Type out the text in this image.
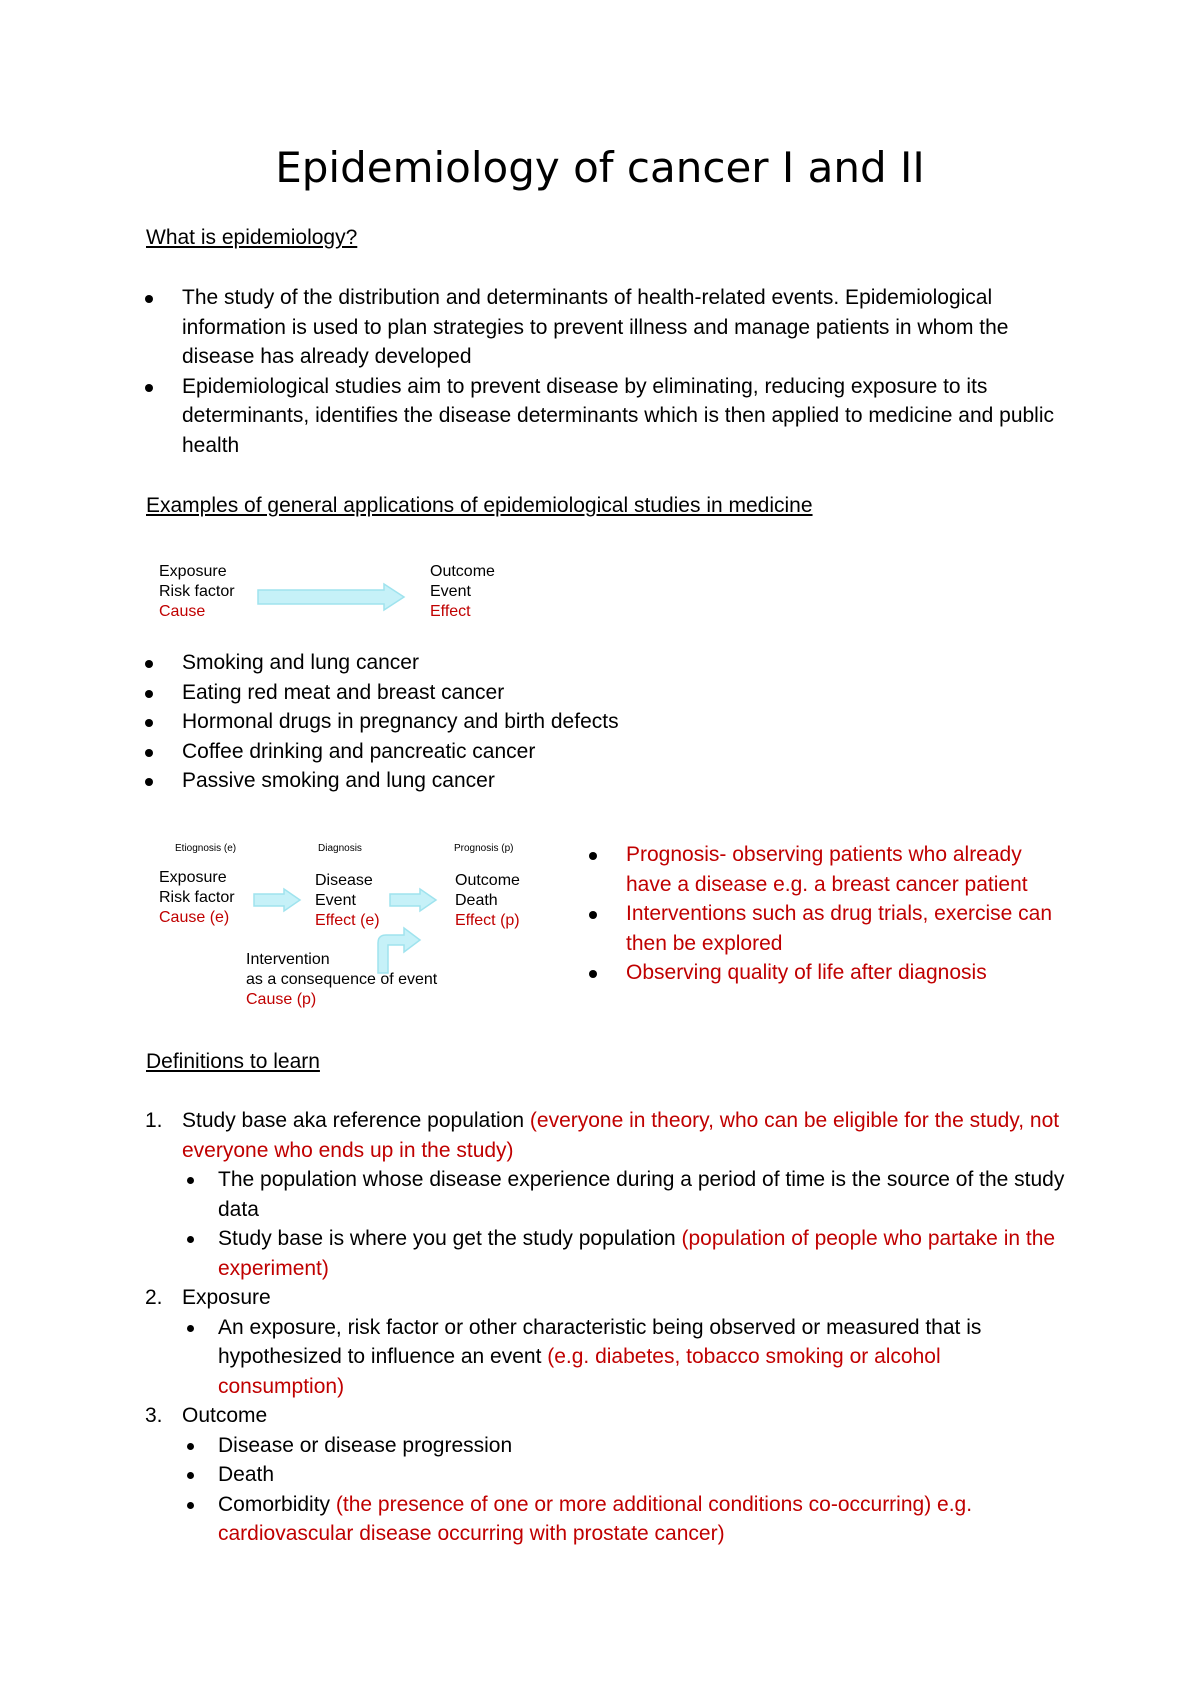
Epidemiology of cancer I and II
What is epidemiology?
The study of the distribution and determinants of health-related events. Epidemiological information is used to plan strategies to prevent illness and manage patients in whom the disease has already developed
Epidemiological studies aim to prevent disease by eliminating, reducing exposure to its determinants, identifies the disease determinants which is then applied to medicine and public health
Examples of general applications of epidemiological studies in medicine
Exposure
Risk factor
Cause
Outcome
Event
Effect
Smoking and lung cancer
Eating red meat and breast cancer
Hormonal drugs in pregnancy and birth defects
Coffee drinking and pancreatic cancer
Passive smoking and lung cancer
Etiognosis (e)	Diagnosis	Prognosis (p)
Exposure
Risk factor
Cause (e)
Disease
Event
Effect (e)
Outcome
Death
Effect (p)
Intervention
as a consequence of event
Cause (p)
Prognosis- observing patients who already have a disease e.g. a breast cancer patient
Interventions such as drug trials, exercise can then be explored
Observing quality of life after diagnosis
Definitions to learn
1. Study base aka reference population (everyone in theory, who can be eligible for the study, not everyone who ends up in the study)
The population whose disease experience during a period of time is the source of the study data
Study base is where you get the study population (population of people who partake in the experiment)
2. Exposure
An exposure, risk factor or other characteristic being observed or measured that is hypothesized to influence an event (e.g. diabetes, tobacco smoking or alcohol consumption)
3. Outcome
Disease or disease progression
Death
Comorbidity (the presence of one or more additional conditions co-occurring) e.g. cardiovascular disease occurring with prostate cancer)
